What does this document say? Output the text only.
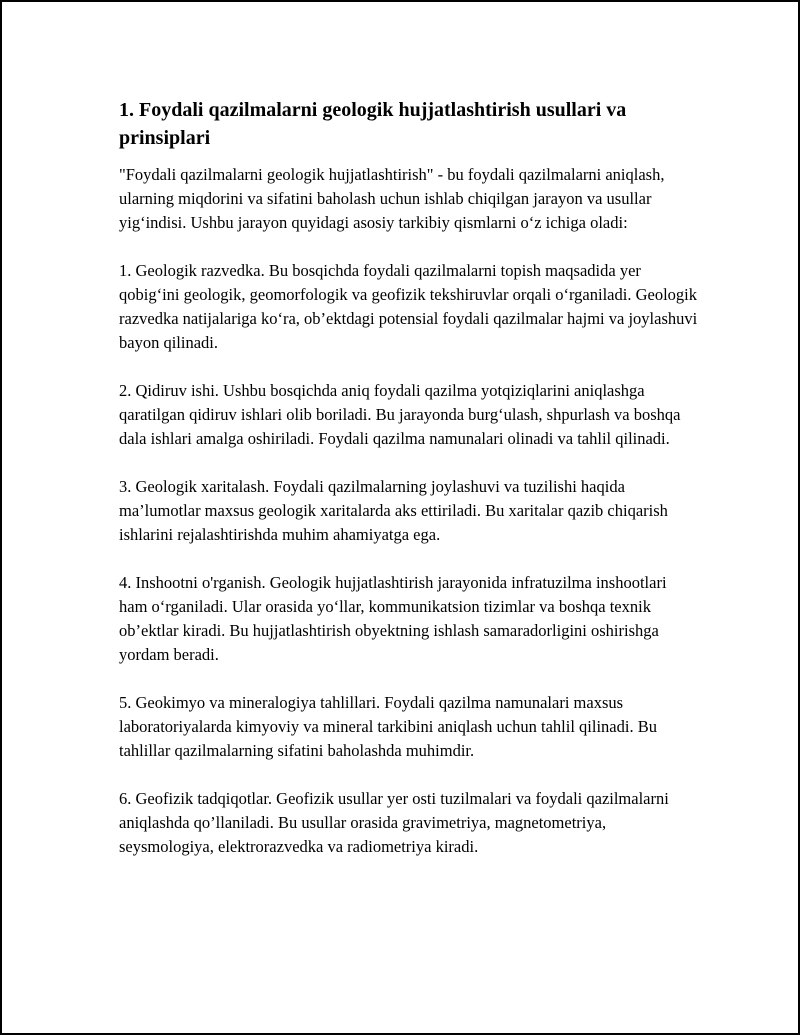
1. Foydali qazilmalarni geologik hujjatlashtirish usullari va prinsiplari

"Foydali qazilmalarni geologik hujjatlashtirish" - bu foydali qazilmalarni aniqlash, ularning miqdorini va sifatini baholash uchun ishlab chiqilgan jarayon va usullar yig‘indisi. Ushbu jarayon quyidagi asosiy tarkibiy qismlarni o‘z ichiga oladi:

1. Geologik razvedka. Bu bosqichda foydali qazilmalarni topish maqsadida yer qobig‘ini geologik, geomorfologik va geofizik tekshiruvlar orqali o‘rganiladi. Geologik razvedka natijalariga ko‘ra, ob’ektdagi potensial foydali qazilmalar hajmi va joylashuvi bayon qilinadi.

2. Qidiruv ishi. Ushbu bosqichda aniq foydali qazilma yotqiziqlarini aniqlashga qaratilgan qidiruv ishlari olib boriladi. Bu jarayonda burg‘ulash, shpurlash va boshqa dala ishlari amalga oshiriladi. Foydali qazilma namunalari olinadi va tahlil qilinadi.

3. Geologik xaritalash. Foydali qazilmalarning joylashuvi va tuzilishi haqida ma’lumotlar maxsus geologik xaritalarda aks ettiriladi. Bu xaritalar qazib chiqarish ishlarini rejalashtirishda muhim ahamiyatga ega.

4. Inshootni o'rganish. Geologik hujjatlashtirish jarayonida infratuzilma inshootlari ham o‘rganiladi. Ular orasida yo‘llar, kommunikatsion tizimlar va boshqa texnik ob’ektlar kiradi. Bu hujjatlashtirish obyektning ishlash samaradorligini oshirishga yordam beradi.

5. Geokimyo va mineralogiya tahlillari. Foydali qazilma namunalari maxsus laboratoriyalarda kimyoviy va mineral tarkibini aniqlash uchun tahlil qilinadi. Bu tahlillar qazilmalarning sifatini baholashda muhimdir.

6. Geofizik tadqiqotlar. Geofizik usullar yer osti tuzilmalari va foydali qazilmalarni aniqlashda qo’llaniladi. Bu usullar orasida gravimetriya, magnetometriya, seysmologiya, elektrorazvedka va radiometriya kiradi.
